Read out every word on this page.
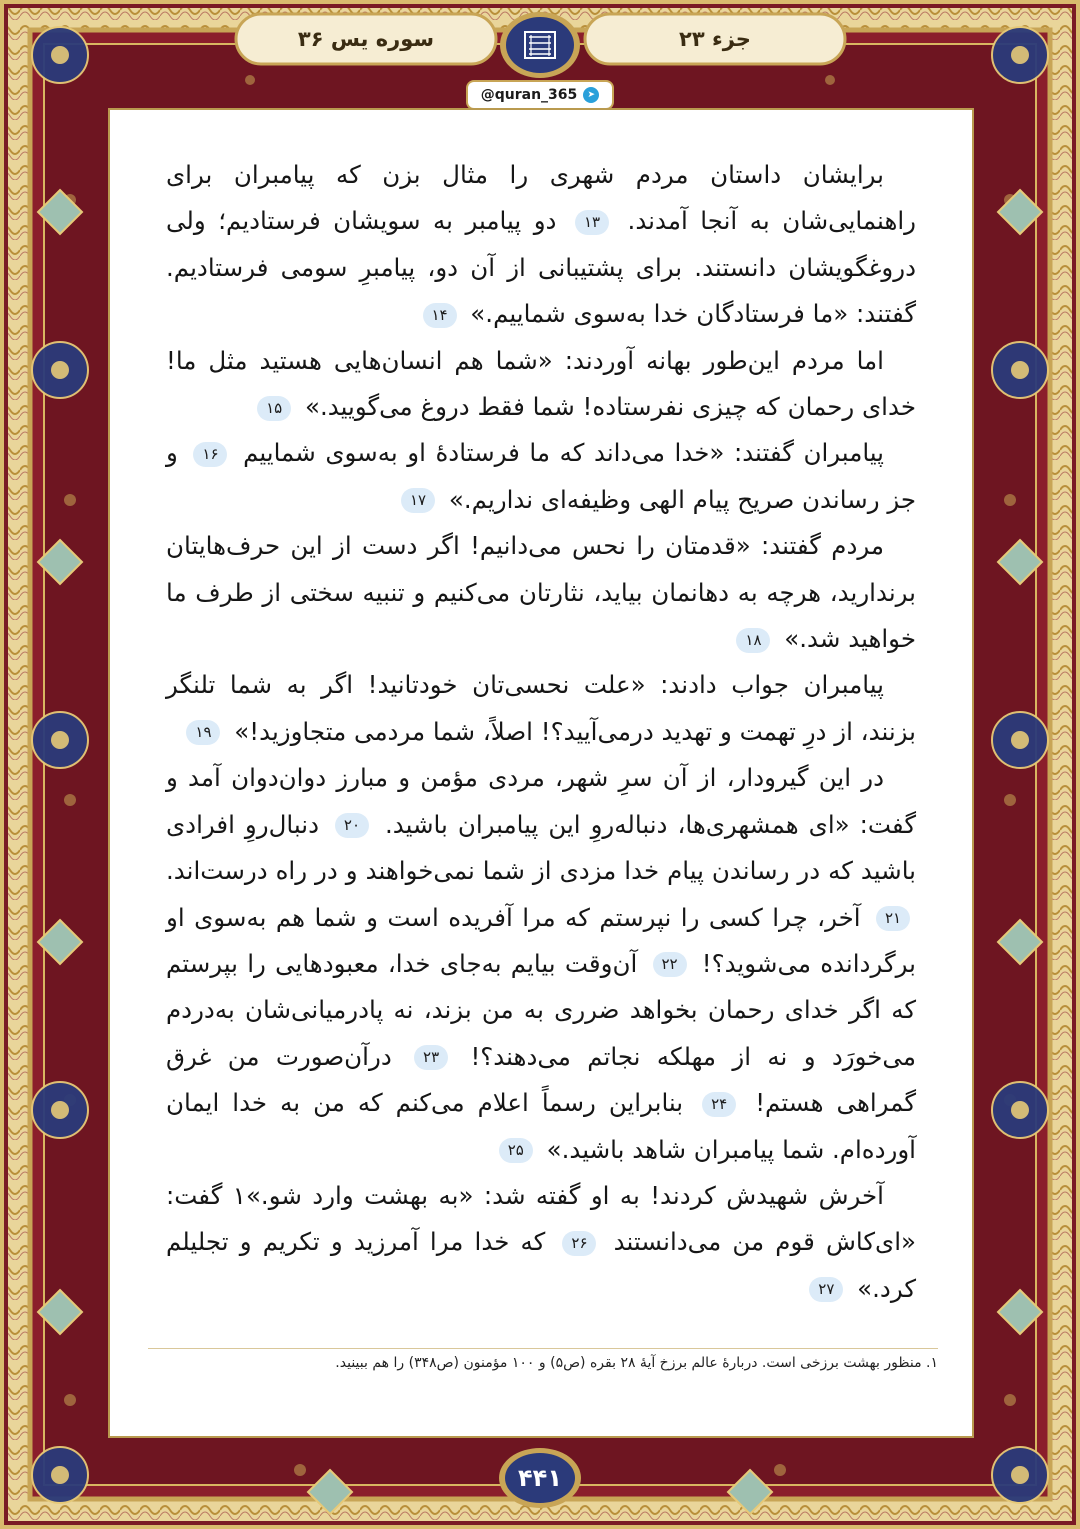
سوره یس ۳۶	جزء ۲۳
@quran_365	➤

برایشان داستان مردم شهری را مثال بزن که پیامبران برای راهنمایی‌شان به آنجا آمدند. ۱۳ دو پیامبر به سویشان فرستادیم؛ ولی دروغگویشان دانستند. برای پشتیبانی از آن دو، پیامبرِ سومی فرستادیم. گفتند: «ما فرستادگان خدا به‌سوی شماییم.» ۱۴

اما مردم این‌طور بهانه آوردند: «شما هم انسان‌هایی هستید مثل ما! خدای رحمان که چیزی نفرستاده! شما فقط دروغ می‌گویید.» ۱۵

پیامبران گفتند: «خدا می‌داند که ما فرستادهٔ او به‌سوی شماییم ۱۶ و جز رساندن صریح پیام الهی وظیفه‌ای نداریم.» ۱۷

مردم گفتند: «قدمتان را نحس می‌دانیم! اگر دست از این حرف‌هایتان برندارید، هرچه به دهانمان بیاید، نثارتان می‌کنیم و تنبیه سختی از طرف ما خواهید شد.» ۱۸

پیامبران جواب دادند: «علت نحسی‌تان خودتانید! اگر به شما تلنگر بزنند، از درِ تهمت و تهدید درمی‌آیید؟! اصلاً، شما مردمی متجاوزید!» ۱۹

در این گیرودار، از آن سرِ شهر، مردی مؤمن و مبارز دوان‌دوان آمد و گفت: «ای همشهری‌ها، دنباله‌روِ این پیامبران باشید. ۲۰ دنبال‌روِ افرادی باشید که در رساندن پیام خدا مزدی از شما نمی‌خواهند و در راه درست‌اند. ۲۱ آخر، چرا کسی را نپرستم که مرا آفریده است و شما هم به‌سوی او برگردانده می‌شوید؟! ۲۲ آن‌وقت بیایم به‌جای خدا، معبودهایی را بپرستم که اگر خدای رحمان بخواهد ضرری به من بزند، نه پادرمیانی‌شان به‌دردم می‌خورَد و نه از مهلکه نجاتم می‌دهند؟! ۲۳ درآن‌صورت من غرق گمراهی هستم! ۲۴ بنابراین رسماً اعلام می‌کنم که من به خدا ایمان آورده‌ام. شما پیامبران شاهد باشید.» ۲۵

آخرش شهیدش کردند! به او گفته شد: «به بهشت وارد شو.»١ گفت: «ای‌کاش قوم من می‌دانستند ۲۶ که خدا مرا آمرزید و تکریم و تجلیلم کرد.» ۲۷

١. منظور بهشت برزخی است. دربارهٔ عالم برزخ آیهٔ ۲۸ بقره (ص۵) و ۱۰۰ مؤمنون (ص۳۴۸) را هم ببینید.
۴۴۱
